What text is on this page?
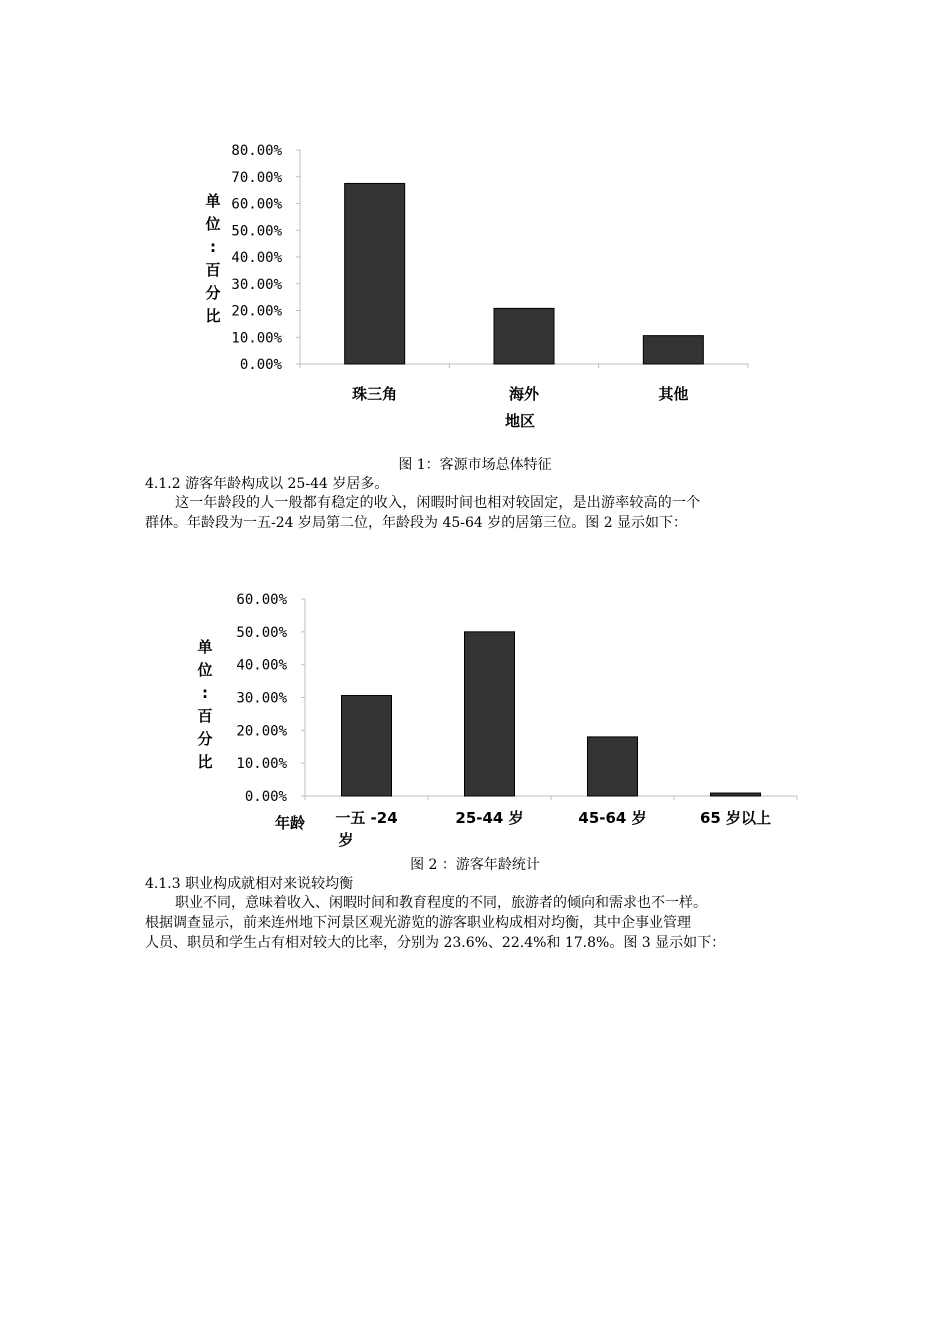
80.00%
70.00%
60.00%
50.00%
40.00%
30.00%
20.00%
10.00%
0.00%
珠三角	海外	其他
单
位
:
百
分
比
地区
图 1：客源市场总体特征
4.1.2 游客年龄构成以 25-44 岁居多。
这一年龄段的人一般都有稳定的收入，闲暇时间也相对较固定，是出游率较高的一个
群体。年龄段为一五-24 岁局第二位，年龄段为 45-64 岁的居第三位。图 2 显示如下：
60.00%
50.00%
40.00%
30.00%
20.00%
10.00%
0.00%
一五 -24
岁
25-44 岁	45-64 岁	65 岁以上
单
位
:
百
分
比
年龄
图 2 ：游客年龄统计
4.1.3 职业构成就相对来说较均衡
职业不同，意味着收入、闲暇时间和教育程度的不同，旅游者的倾向和需求也不一样。
根据调查显示，前来连州地下河景区观光游览的游客职业构成相对均衡，其中企事业管理
人员、职员和学生占有相对较大的比率，分别为 23.6%、22.4%和 17.8%。图 3 显示如下：
